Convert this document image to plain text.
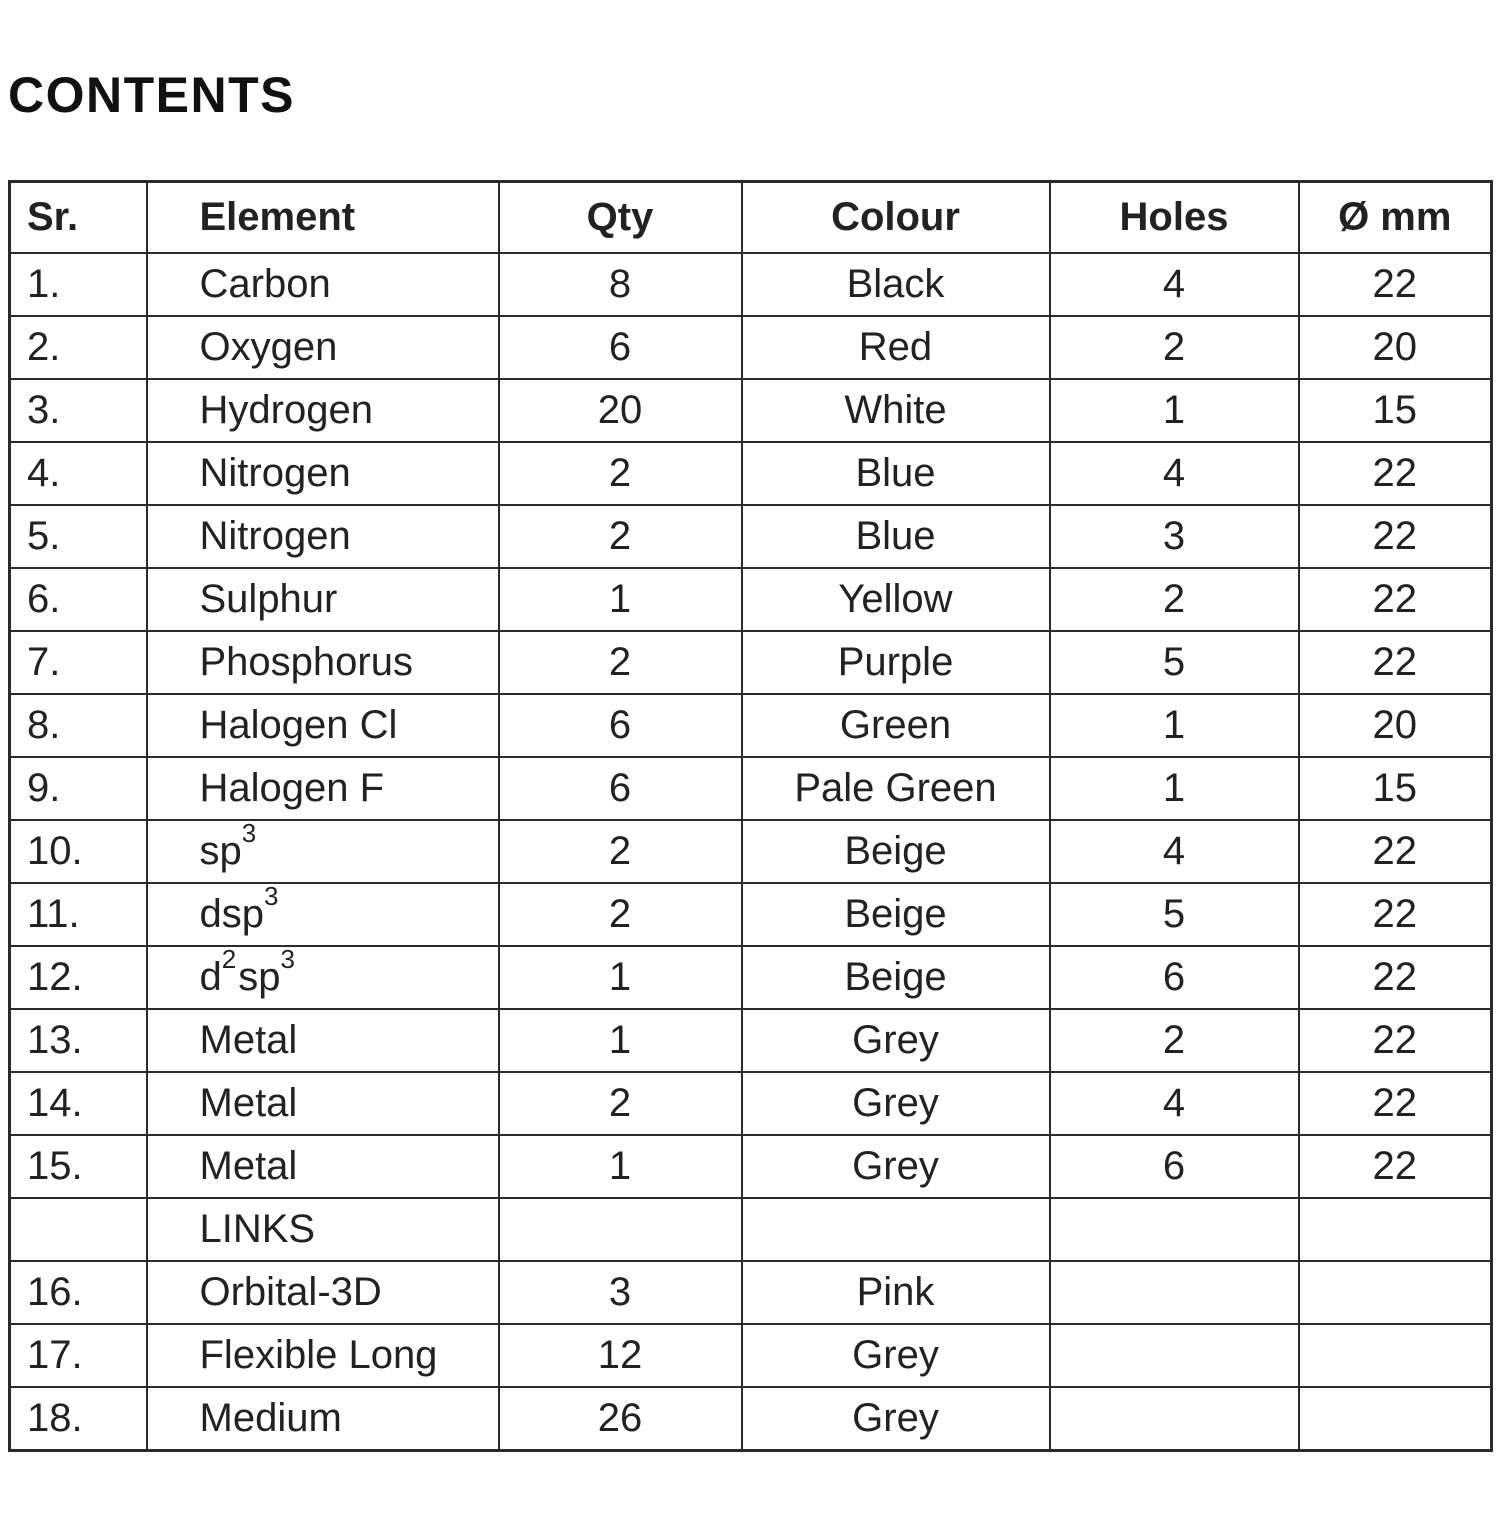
CONTENTS
Sr.	Element	Qty	Colour	Holes	Ø mm
1.	Carbon	8	Black	4	22
2.	Oxygen	6	Red	2	20
3.	Hydrogen	20	White	1	15
4.	Nitrogen	2	Blue	4	22
5.	Nitrogen	2	Blue	3	22
6.	Sulphur	1	Yellow	2	22
7.	Phosphorus	2	Purple	5	22
8.	Halogen Cl	6	Green	1	20
9.	Halogen F	6	Pale Green	1	15
10.	$sp^3$	2	Beige	4	22
11.	dsp$^3$	2	Beige	5	22
12.	$d^2sp^3$	1	Beige	6	22
13.	Metal	1	Grey	2	22
14.	Metal	2	Grey	4	22
15.	Metal	1	Grey	6	22
	LINKS				
16.	Orbital-3D	3	Pink		
17.	Flexible Long	12	Grey		
18.	Medium	26	Grey		
